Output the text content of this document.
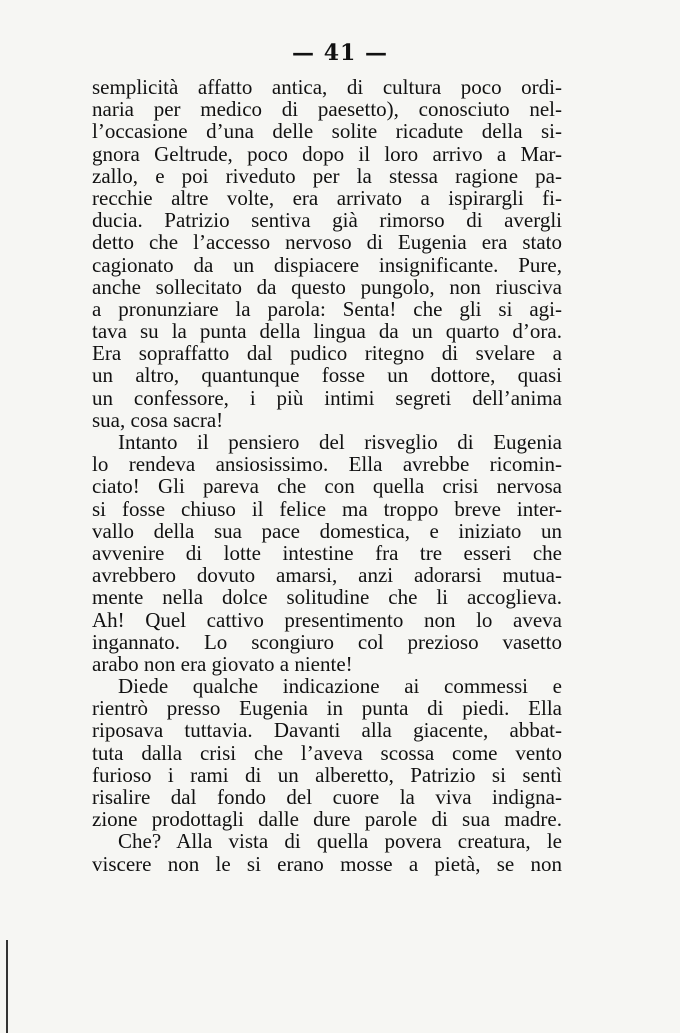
— 41 —
semplicità affatto antica, di cultura poco ordi-
naria per medico di paesetto), conosciuto nel-
l’occasione d’una delle solite ricadute della si-
gnora Geltrude, poco dopo il loro arrivo a Mar-
zallo, e poi riveduto per la stessa ragione pa-
recchie altre volte, era arrivato a ispirargli fi-
ducia. Patrizio sentiva già rimorso di avergli
detto che l’accesso nervoso di Eugenia era stato
cagionato da un dispiacere insignificante. Pure,
anche sollecitato da questo pungolo, non riusciva
a pronunziare la parola: Senta! che gli si agi-
tava su la punta della lingua da un quarto d’ora.
Era sopraffatto dal pudico ritegno di svelare a
un altro, quantunque fosse un dottore, quasi
un confessore, i più intimi segreti dell’anima
sua, cosa sacra!
Intanto il pensiero del risveglio di Eugenia
lo rendeva ansiosissimo. Ella avrebbe ricomin-
ciato! Gli pareva che con quella crisi nervosa
si fosse chiuso il felice ma troppo breve inter-
vallo della sua pace domestica, e iniziato un
avvenire di lotte intestine fra tre esseri che
avrebbero dovuto amarsi, anzi adorarsi mutua-
mente nella dolce solitudine che li accoglieva.
Ah! Quel cattivo presentimento non lo aveva
ingannato. Lo scongiuro col prezioso vasetto
arabo non era giovato a niente!
Diede qualche indicazione ai commessi e
rientrò presso Eugenia in punta di piedi. Ella
riposava tuttavia. Davanti alla giacente, abbat-
tuta dalla crisi che l’aveva scossa come vento
furioso i rami di un alberetto, Patrizio si sentì
risalire dal fondo del cuore la viva indigna-
zione prodottagli dalle dure parole di sua madre.
Che? Alla vista di quella povera creatura, le
viscere non le si erano mosse a pietà, se non
